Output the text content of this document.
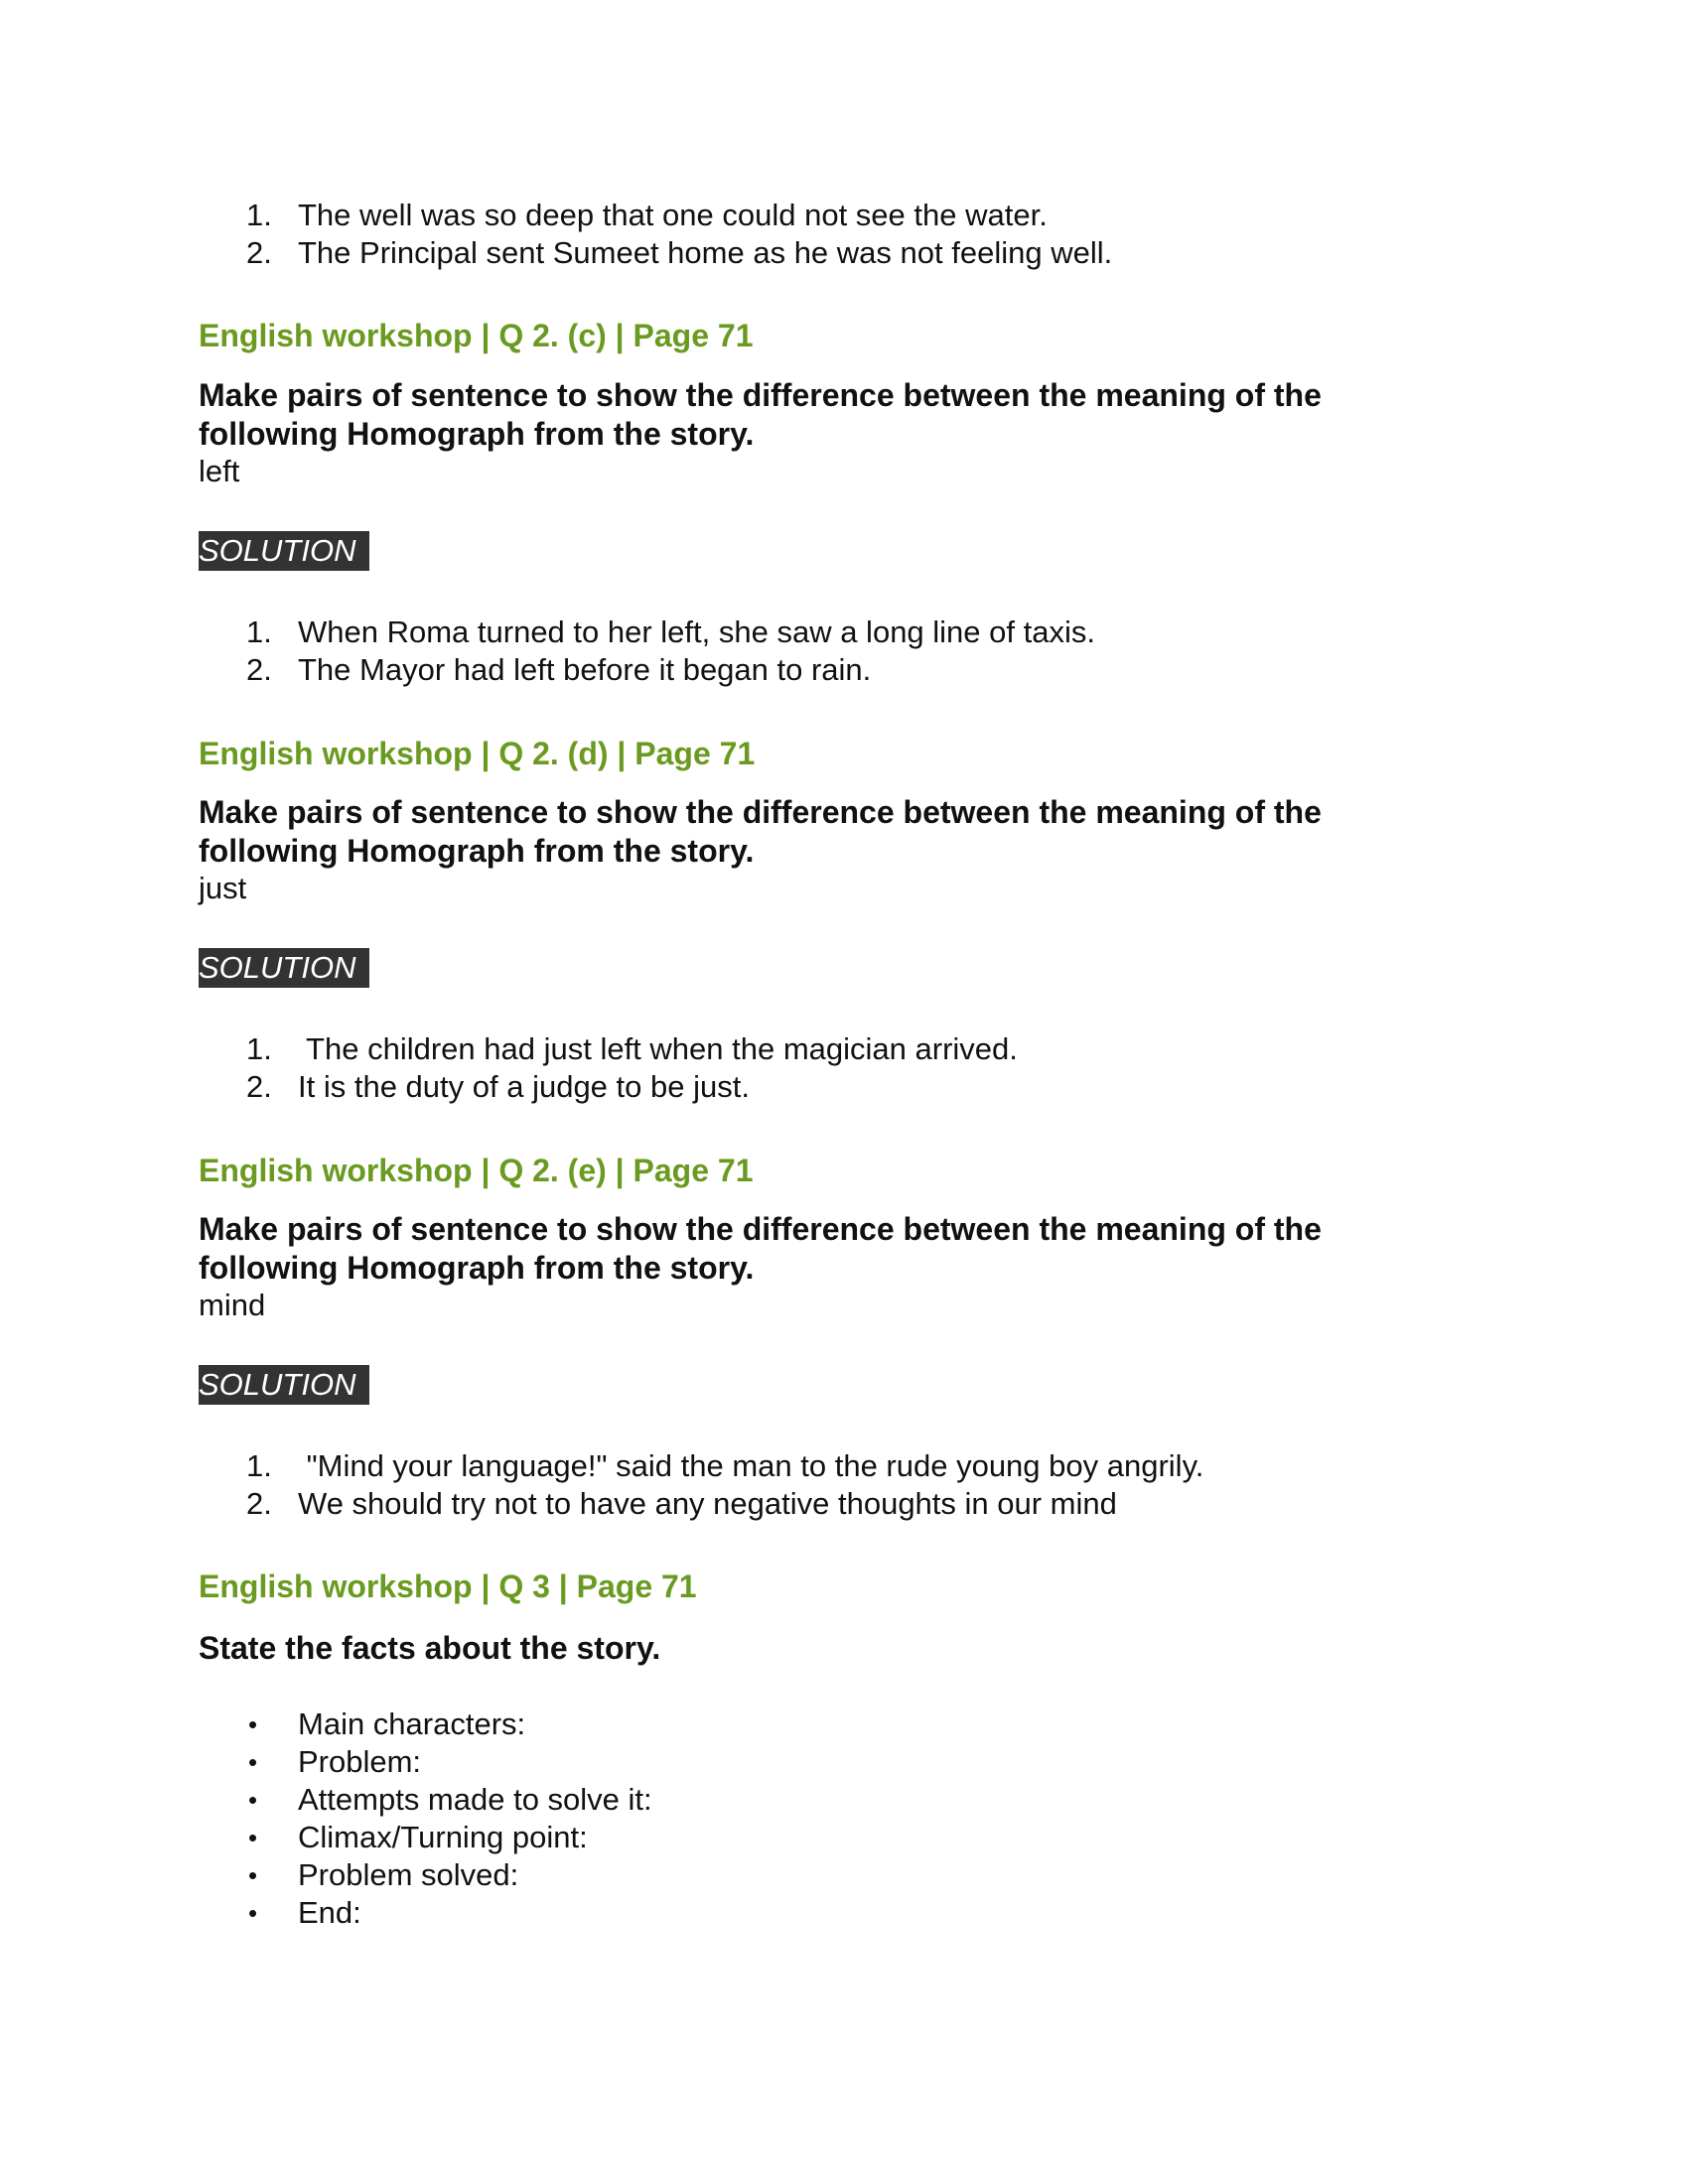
1. The well was so deep that one could not see the water.
2. The Principal sent Sumeet home as he was not feeling well.
English workshop | Q 2. (c) | Page 71

Make pairs of sentence to show the difference between the meaning of the following Homograph from the story.

left

SOLUTION
1. When Roma turned to her left, she saw a long line of taxis.
2. The Mayor had left before it began to rain.
English workshop | Q 2. (d) | Page 71

Make pairs of sentence to show the difference between the meaning of the following Homograph from the story.

just

SOLUTION
1. The children had just left when the magician arrived.
2. It is the duty of a judge to be just.
English workshop | Q 2. (e) | Page 71

Make pairs of sentence to show the difference between the meaning of the following Homograph from the story.

mind

SOLUTION
1. "Mind your language!" said the man to the rude young boy angrily.
2. We should try not to have any negative thoughts in our mind
English workshop | Q 3 | Page 71

State the facts about the story.

• Main characters:
• Problem:
• Attempts made to solve it:
• Climax/Turning point:
• Problem solved:
• End:
